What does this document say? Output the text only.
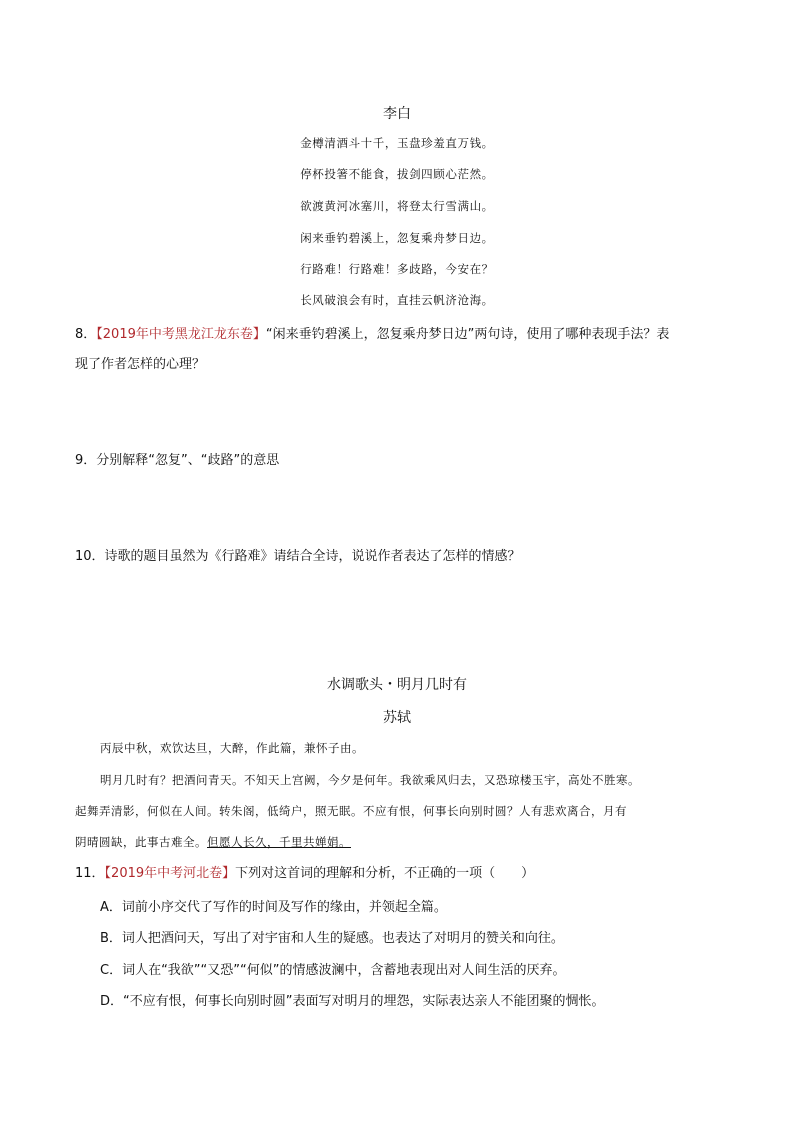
李白
金樽清酒斗十千，玉盘珍羞直万钱。
停杯投箸不能食，拔剑四顾心茫然。
欲渡黄河冰塞川，将登太行雪满山。
闲来垂钓碧溪上，忽复乘舟梦日边。
行路难！行路难！多歧路，今安在？
长风破浪会有时，直挂云帆济沧海。
8．【2019年中考黑龙江龙东卷】“闲来垂钓碧溪上，忽复乘舟梦日边”两句诗，使用了哪种表现手法？表
现了作者怎样的心理？
9．分别解释“忽复”、“歧路”的意思
10．诗歌的题目虽然为《行路难》请结合全诗，说说作者表达了怎样的情感？
水调歌头・明月几时有
苏轼
丙辰中秋，欢饮达旦，大醉，作此篇，兼怀子由。
明月几时有？把酒问青天。不知天上宫阙，今夕是何年。我欲乘风归去，又恐琼楼玉宇，高处不胜寒。
起舞弄清影，何似在人间。转朱阁，低绮户，照无眠。不应有恨，何事长向别时圆？人有悲欢离合，月有
阴晴圆缺，此事古难全。但愿人长久，千里共婵娟。
11．【2019年中考河北卷】下列对这首词的理解和分析，不正确的一项（　　）
A．词前小序交代了写作的时间及写作的缘由，并领起全篇。
B．词人把酒问天，写出了对宇宙和人生的疑感。也表达了对明月的赞关和向往。
C．词人在“我欲”“又恐”“何似”的情感波澜中，含蓄地表现出对人间生活的厌弃。
D．“不应有恨，何事长向别时圆”表面写对明月的埋怨，实际表达亲人不能团聚的惆怅。
